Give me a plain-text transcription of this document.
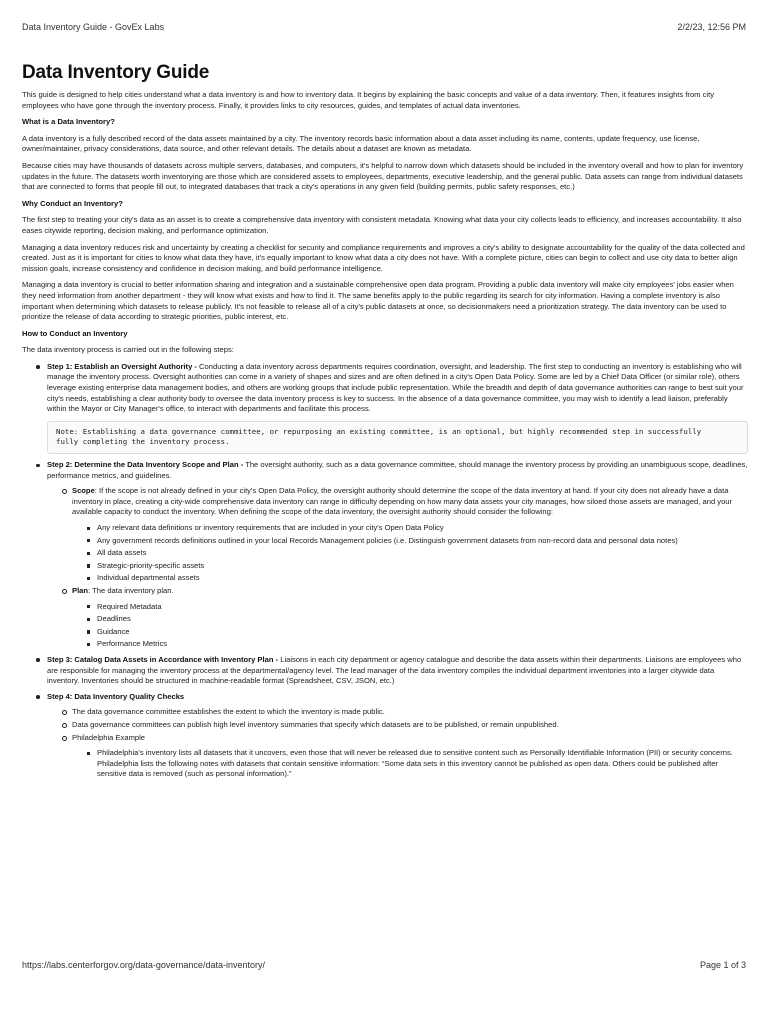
Data Inventory Guide - GovEx Labs	2/2/23, 12:56 PM
Data Inventory Guide

This guide is designed to help cities understand what a data inventory is and how to inventory data. It begins by explaining the basic concepts and value of a data inventory. Then, it features insights from city employees who have gone through the inventory process. Finally, it provides links to city resources, guides, and templates of actual data inventories.

What is a Data Inventory?

A data inventory is a fully described record of the data assets maintained by a city. The inventory records basic information about a data asset including its name, contents, update frequency, use license, owner/maintainer, privacy considerations, data source, and other relevant details. The details about a dataset are known as metadata.

Because cities may have thousands of datasets across multiple servers, databases, and computers, it's helpful to narrow down which datasets should be included in the inventory overall and how to plan for inventory updates in the future. The datasets worth inventorying are those which are considered assets to employees, departments, executive leadership, and the general public. Data assets can range from individual datasets that are connected to forms that people fill out, to integrated databases that track a city's operations in any given field (building permits, public safety responses, etc.)

Why Conduct an Inventory?

The first step to treating your city's data as an asset is to create a comprehensive data inventory with consistent metadata. Knowing what data your city collects leads to efficiency, and increases accountability. It also eases citywide reporting, decision making, and performance optimization.

Managing a data inventory reduces risk and uncertainty by creating a checklist for security and compliance requirements and improves a city's ability to designate accountability for the quality of the data collected and created. Just as it is important for cities to know what data they have, it's equally important to know what data a city does not have. With a complete picture, cities can begin to collect and use city data to better align mission goals, increase consistency and confidence in decision making, and build performance intelligence.

Managing a data inventory is crucial to better information sharing and integration and a sustainable comprehensive open data program. Providing a public data inventory will make city employees' jobs easier when they need information from another department - they will know what exists and how to find it. The same benefits apply to the public regarding its search for city information. Having a complete inventory is also important when determining which datasets to release publicly. It's not feasible to release all of a city's public datasets at once, so decisionmakers need a prioritization strategy. The data inventory can be used to prioritize the release of data according to strategic priorities, public interest, etc.

How to Conduct an Inventory

The data inventory process is carried out in the following steps:

Step 1: Establish an Oversight Authority - Conducting a data inventory across departments requires coordination, oversight, and leadership. The first step to conducting an inventory is establishing who will manage the inventory process. Oversight authorities can come in a variety of shapes and sizes and are often defined in a city's Open Data Policy. Some are led by a Chief Data Officer (or similar role), others leverage existing enterprise data management bodies, and others are working groups that include public representation. While the breadth and depth of data governance authorities can range to best suit your city's needs, establishing a clear authority body to oversee the data inventory process is key to success. In the absence of a data governance committee, you may wish to identify a lead liaison, preferably within the Mayor or City Manager's office, to interact with departments and facilitate this process.
Note: Establishing a data governance committee, or repurposing an existing committee, is an optional, but highly recommended step in successfully
fully completing the inventory process.
Step 2: Determine the Data Inventory Scope and Plan - The oversight authority, such as a data governance committee, should manage the inventory process by providing an unambiguous scope, deadlines, performance metrics, and guidelines.
Scope: If the scope is not already defined in your city's Open Data Policy, the oversight authority should determine the scope of the data inventory at hand. If your city does not already have a data inventory in place, creating a city-wide comprehensive data inventory can range in difficulty depending on how many data assets your city manages, how siloed those assets are managed, and your available capacity to conduct the inventory. When defining the scope of the data inventory, the oversight authority should consider the following:
Any relevant data definitions or inventory requirements that are included in your city's Open Data Policy
Any government records definitions outlined in your local Records Management policies (i.e. Distinguish government datasets from non-record data and personal data notes)
All data assets
Strategic-priority-specific assets
Individual departmental assets
Plan: The data inventory plan.
Required Metadata
Deadlines
Guidance
Performance Metrics
Step 3: Catalog Data Assets in Accordance with Inventory Plan - Liaisons in each city department or agency catalogue and describe the data assets within their departments. Liaisons are employees who are responsible for managing the inventory process at the departmental/agency level. The lead manager of the data inventory compiles the individual department inventories into a larger citywide data inventory. Inventories should be structured in machine-readable format (Spreadsheet, CSV, JSON, etc.)
Step 4: Data Inventory Quality Checks
The data governance committee establishes the extent to which the inventory is made public.
Data governance committees can publish high level inventory summaries that specify which datasets are to be published, or remain unpublished.
Philadelphia Example
Philadelphia's inventory lists all datasets that it uncovers, even those that will never be released due to sensitive content such as Personally Identifiable Information (PII) or security concerns. Philadelphia lists the following notes with datasets that contain sensitive information: “Some data sets in this inventory cannot be published as open data. Others could be published after sensitive data is removed (such as personal information).”
https://labs.centerforgov.org/data-governance/data-inventory/	Page 1 of 3
